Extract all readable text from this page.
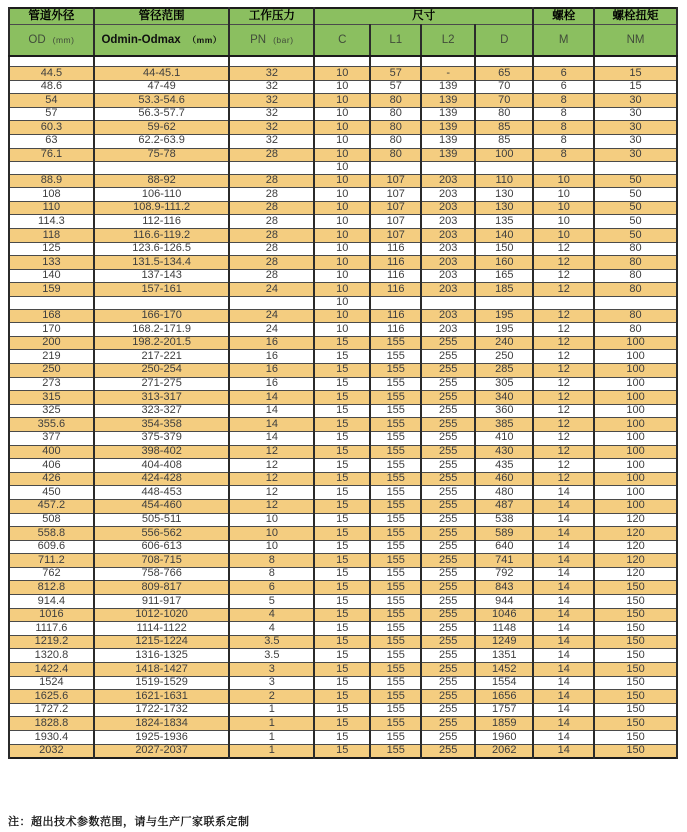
管道外径	管径范围	工作压力	尺寸				螺栓	螺栓扭矩
OD (mm)	Odmin-Odmax （mm）	PN (bar)	C	L1	L2	D	M	NM

44.5	44-45.1	32	10	57	-	65	6	15
48.6	47-49	32	10	57	139	70	6	15
54	53.3-54.6	32	10	80	139	70	8	30
57	56.3-57.7	32	10	80	139	80	8	30
60.3	59-62	32	10	80	139	85	8	30
63	62.2-63.9	32	10	80	139	85	8	30
76.1	75-78	28	10	80	139	100	8	30
			10					
88.9	88-92	28	10	107	203	110	10	50
108	106-110	28	10	107	203	130	10	50
110	108.9-111.2	28	10	107	203	130	10	50
114.3	112-116	28	10	107	203	135	10	50
118	116.6-119.2	28	10	107	203	140	10	50
125	123.6-126.5	28	10	116	203	150	12	80
133	131.5-134.4	28	10	116	203	160	12	80
140	137-143	28	10	116	203	165	12	80
159	157-161	24	10	116	203	185	12	80
			10					
168	166-170	24	10	116	203	195	12	80
170	168.2-171.9	24	10	116	203	195	12	80
200	198.2-201.5	16	15	155	255	240	12	100
219	217-221	16	15	155	255	250	12	100
250	250-254	16	15	155	255	285	12	100
273	271-275	16	15	155	255	305	12	100
315	313-317	14	15	155	255	340	12	100
325	323-327	14	15	155	255	360	12	100
355.6	354-358	14	15	155	255	385	12	100
377	375-379	14	15	155	255	410	12	100
400	398-402	12	15	155	255	430	12	100
406	404-408	12	15	155	255	435	12	100
426	424-428	12	15	155	255	460	12	100
450	448-453	12	15	155	255	480	14	100
457.2	454-460	12	15	155	255	487	14	100
508	505-511	10	15	155	255	538	14	120
558.8	556-562	10	15	155	255	589	14	120
609.6	606-613	10	15	155	255	640	14	120
711.2	708-715	8	15	155	255	741	14	120
762	758-766	8	15	155	255	792	14	120
812.8	809-817	6	15	155	255	843	14	150
914.4	911-917	5	15	155	255	944	14	150
1016	1012-1020	4	15	155	255	1046	14	150
1117.6	1114-1122	4	15	155	255	1148	14	150
1219.2	1215-1224	3.5	15	155	255	1249	14	150
1320.8	1316-1325	3.5	15	155	255	1351	14	150
1422.4	1418-1427	3	15	155	255	1452	14	150
1524	1519-1529	3	15	155	255	1554	14	150
1625.6	1621-1631	2	15	155	255	1656	14	150
1727.2	1722-1732	1	15	155	255	1757	14	150
1828.8	1824-1834	1	15	155	255	1859	14	150
1930.4	1925-1936	1	15	155	255	1960	14	150
2032	2027-2037	1	15	155	255	2062	14	150
注：超出技术参数范围，请与生产厂家联系定制
